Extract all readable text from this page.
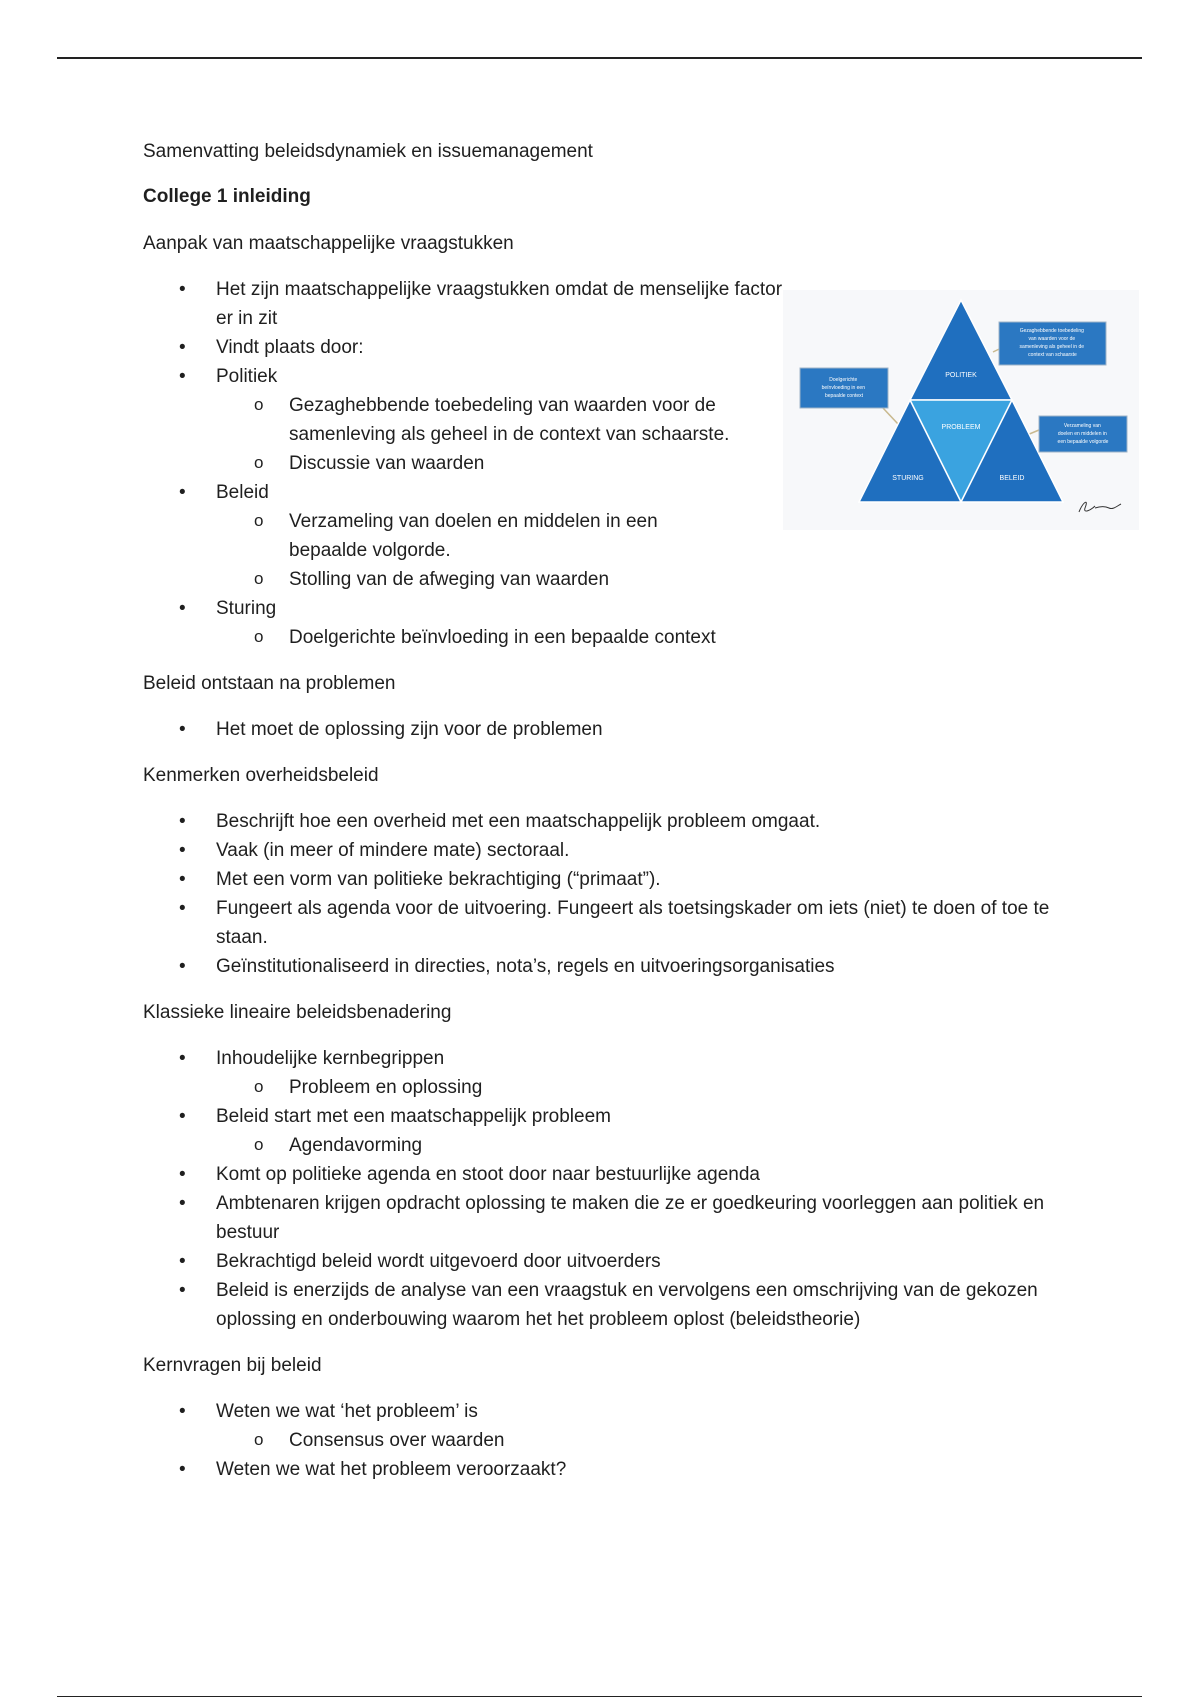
Samenvatting beleidsdynamiek en issuemanagement

College 1 inleiding

Aanpak van maatschappelijke vraagstukken

• Het zijn maatschappelijke vraagstukken omdat de menselijke factor er in zit
• Vindt plaats door:
• Politiek
o Gezaghebbende toebedeling van waarden voor de samenleving als geheel in de context van schaarste.
o Discussie van waarden
• Beleid
o Verzameling van doelen en middelen in een bepaalde volgorde.
o Stolling van de afweging van waarden
• Sturing
o Doelgerichte beïnvloeding in een bepaalde context

Beleid ontstaan na problemen

• Het moet de oplossing zijn voor de problemen

Kenmerken overheidsbeleid

• Beschrijft hoe een overheid met een maatschappelijk probleem omgaat.
• Vaak (in meer of mindere mate) sectoraal.
• Met een vorm van politieke bekrachtiging (“primaat”).
• Fungeert als agenda voor de uitvoering. Fungeert als toetsingskader om iets (niet) te doen of toe te staan.
• Geïnstitutionaliseerd in directies, nota’s, regels en uitvoeringsorganisaties

Klassieke lineaire beleidsbenadering

• Inhoudelijke kernbegrippen
o Probleem en oplossing
• Beleid start met een maatschappelijk probleem
o Agendavorming
• Komt op politieke agenda en stoot door naar bestuurlijke agenda
• Ambtenaren krijgen opdracht oplossing te maken die ze er goedkeuring voorleggen aan politiek en bestuur
• Bekrachtigd beleid wordt uitgevoerd door uitvoerders
• Beleid is enerzijds de analyse van een vraagstuk en vervolgens een omschrijving van de gekozen oplossing en onderbouwing waarom het het probleem oplost (beleidstheorie)

Kernvragen bij beleid

• Weten we wat ‘het probleem’ is
o Consensus over waarden
• Weten we wat het probleem veroorzaakt?
POLITIEK
PROBLEEM
STURING	BELEID
Gezaghebbende toebedeling van waarden voor de samenleving als geheel in de context van schaarste
Doelgerichte beïnvloeding in een bepaalde context
Verzameling van doelen en middelen in een bepaalde volgorde
